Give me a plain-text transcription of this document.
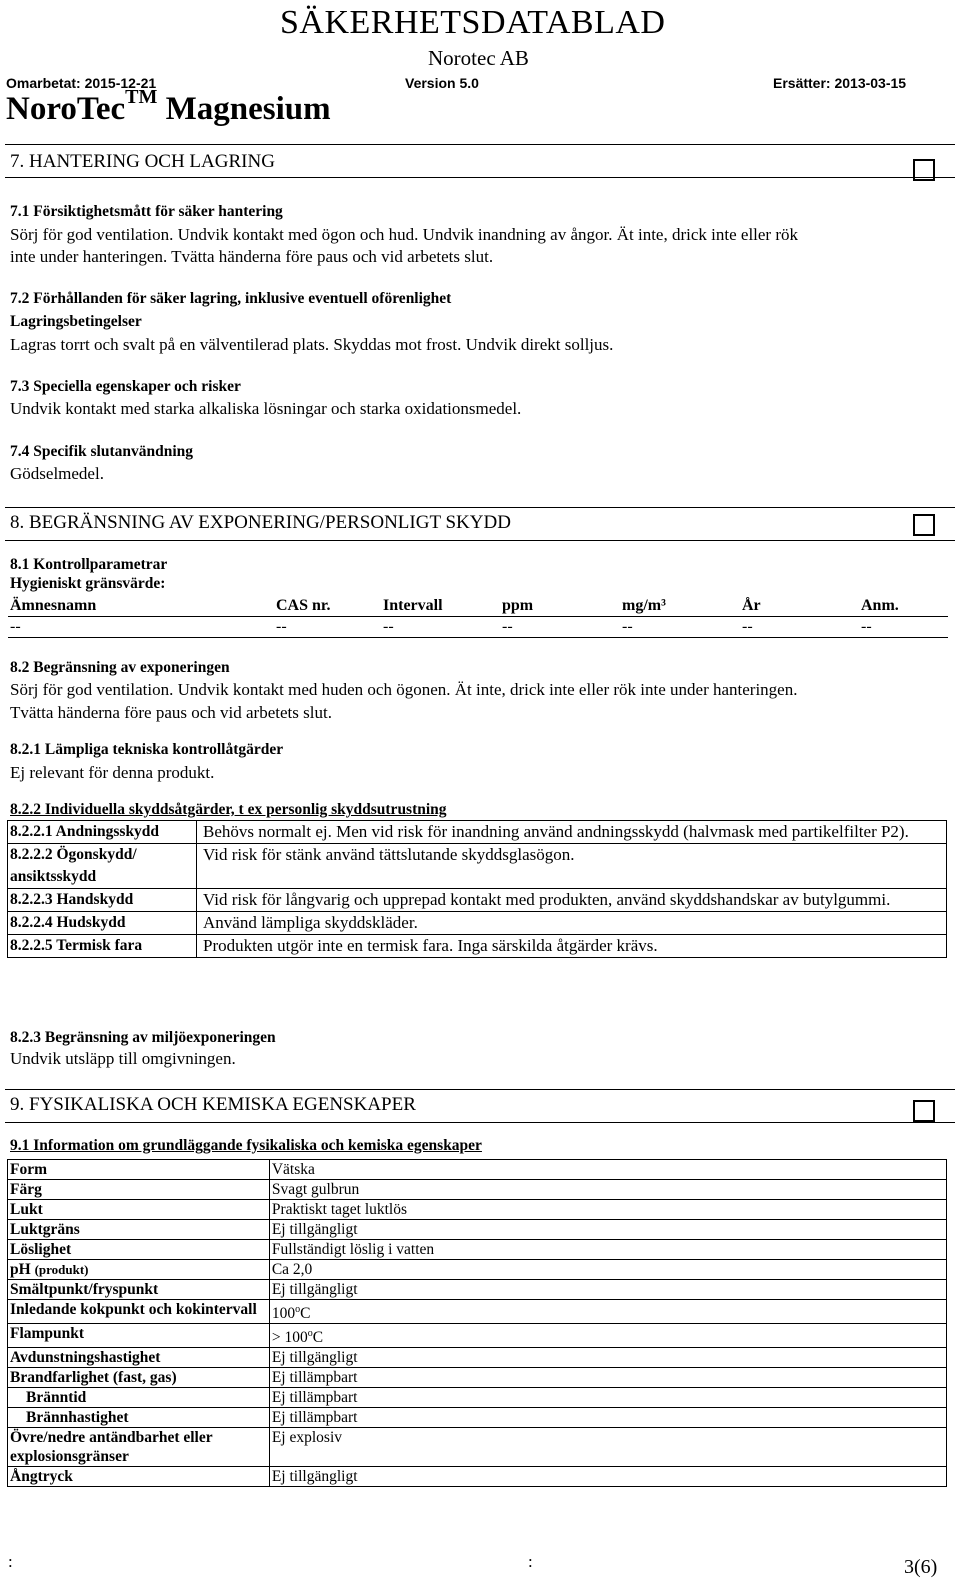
SÄKERHETSDATABLAD
Norotec AB
Omarbetat: 2015-12-21	Version 5.0	Ersätter: 2013-03-15
NoroTec™ Magnesium
7. HANTERING OCH LAGRING
7.1 Försiktighetsmått för säker hantering
Sörj för god ventilation. Undvik kontakt med ögon och hud. Undvik inandning av ångor. Ät inte, drick inte eller rök
inte under hanteringen. Tvätta händerna före paus och vid arbetets slut.
7.2 Förhållanden för säker lagring, inklusive eventuell oförenlighet
Lagringsbetingelser
Lagras torrt och svalt på en välventilerad plats. Skyddas mot frost. Undvik direkt solljus.
7.3 Speciella egenskaper och risker
Undvik kontakt med starka alkaliska lösningar och starka oxidationsmedel.
7.4 Specifik slutanvändning
Gödselmedel.
8. BEGRÄNSNING AV EXPONERING/PERSONLIGT SKYDD
8.1 Kontrollparametrar
Hygieniskt gränsvärde:
Ämnesnamn	CAS nr.	Intervall	ppm	mg/m³	År	Anm.
--	--	--	--	--	--	--
8.2 Begränsning av exponeringen
Sörj för god ventilation. Undvik kontakt med huden och ögonen. Ät inte, drick inte eller rök inte under hanteringen.
Tvätta händerna före paus och vid arbetets slut.
8.2.1 Lämpliga tekniska kontrollåtgärder
Ej relevant för denna produkt.
8.2.2 Individuella skyddsåtgärder, t ex personlig skyddsutrustning
8.2.2.1 Andningsskydd	Behövs normalt ej. Men vid risk för inandning använd andningsskydd (halvmask med partikelfilter P2).
8.2.2.2 Ögonskydd/ ansiktsskydd	Vid risk för stänk använd tättslutande skyddsglasögon.
8.2.2.3 Handskydd	Vid risk för långvarig och upprepad kontakt med produkten, använd skyddshandskar av butylgummi.
8.2.2.4 Hudskydd	Använd lämpliga skyddskläder.
8.2.2.5 Termisk fara	Produkten utgör inte en termisk fara. Inga särskilda åtgärder krävs.
8.2.3 Begränsning av miljöexponeringen
Undvik utsläpp till omgivningen.
9. FYSIKALISKA OCH KEMISKA EGENSKAPER
9.1 Information om grundläggande fysikaliska och kemiska egenskaper
Form	Vätska
Färg	Svagt gulbrun
Lukt	Praktiskt taget luktlös
Luktgräns	Ej tillgängligt
Löslighet	Fullständigt löslig i vatten
pH (produkt)	Ca 2,0
Smältpunkt/fryspunkt	Ej tillgängligt
Inledande kokpunkt och kokintervall	100$^o$C
Flampunkt	> $100^oC$
Avdunstningshastighet	Ej tillgängligt
Brandfarlighet (fast, gas)	Ej tillämpbart
Bränntid	Ej tillämpbart
Brännhastighet	Ej tillämpbart
Övre/nedre antändbarhet eller explosionsgränser	Ej explosiv
Ångtryck	Ej tillgängligt
:	:	3(6)
